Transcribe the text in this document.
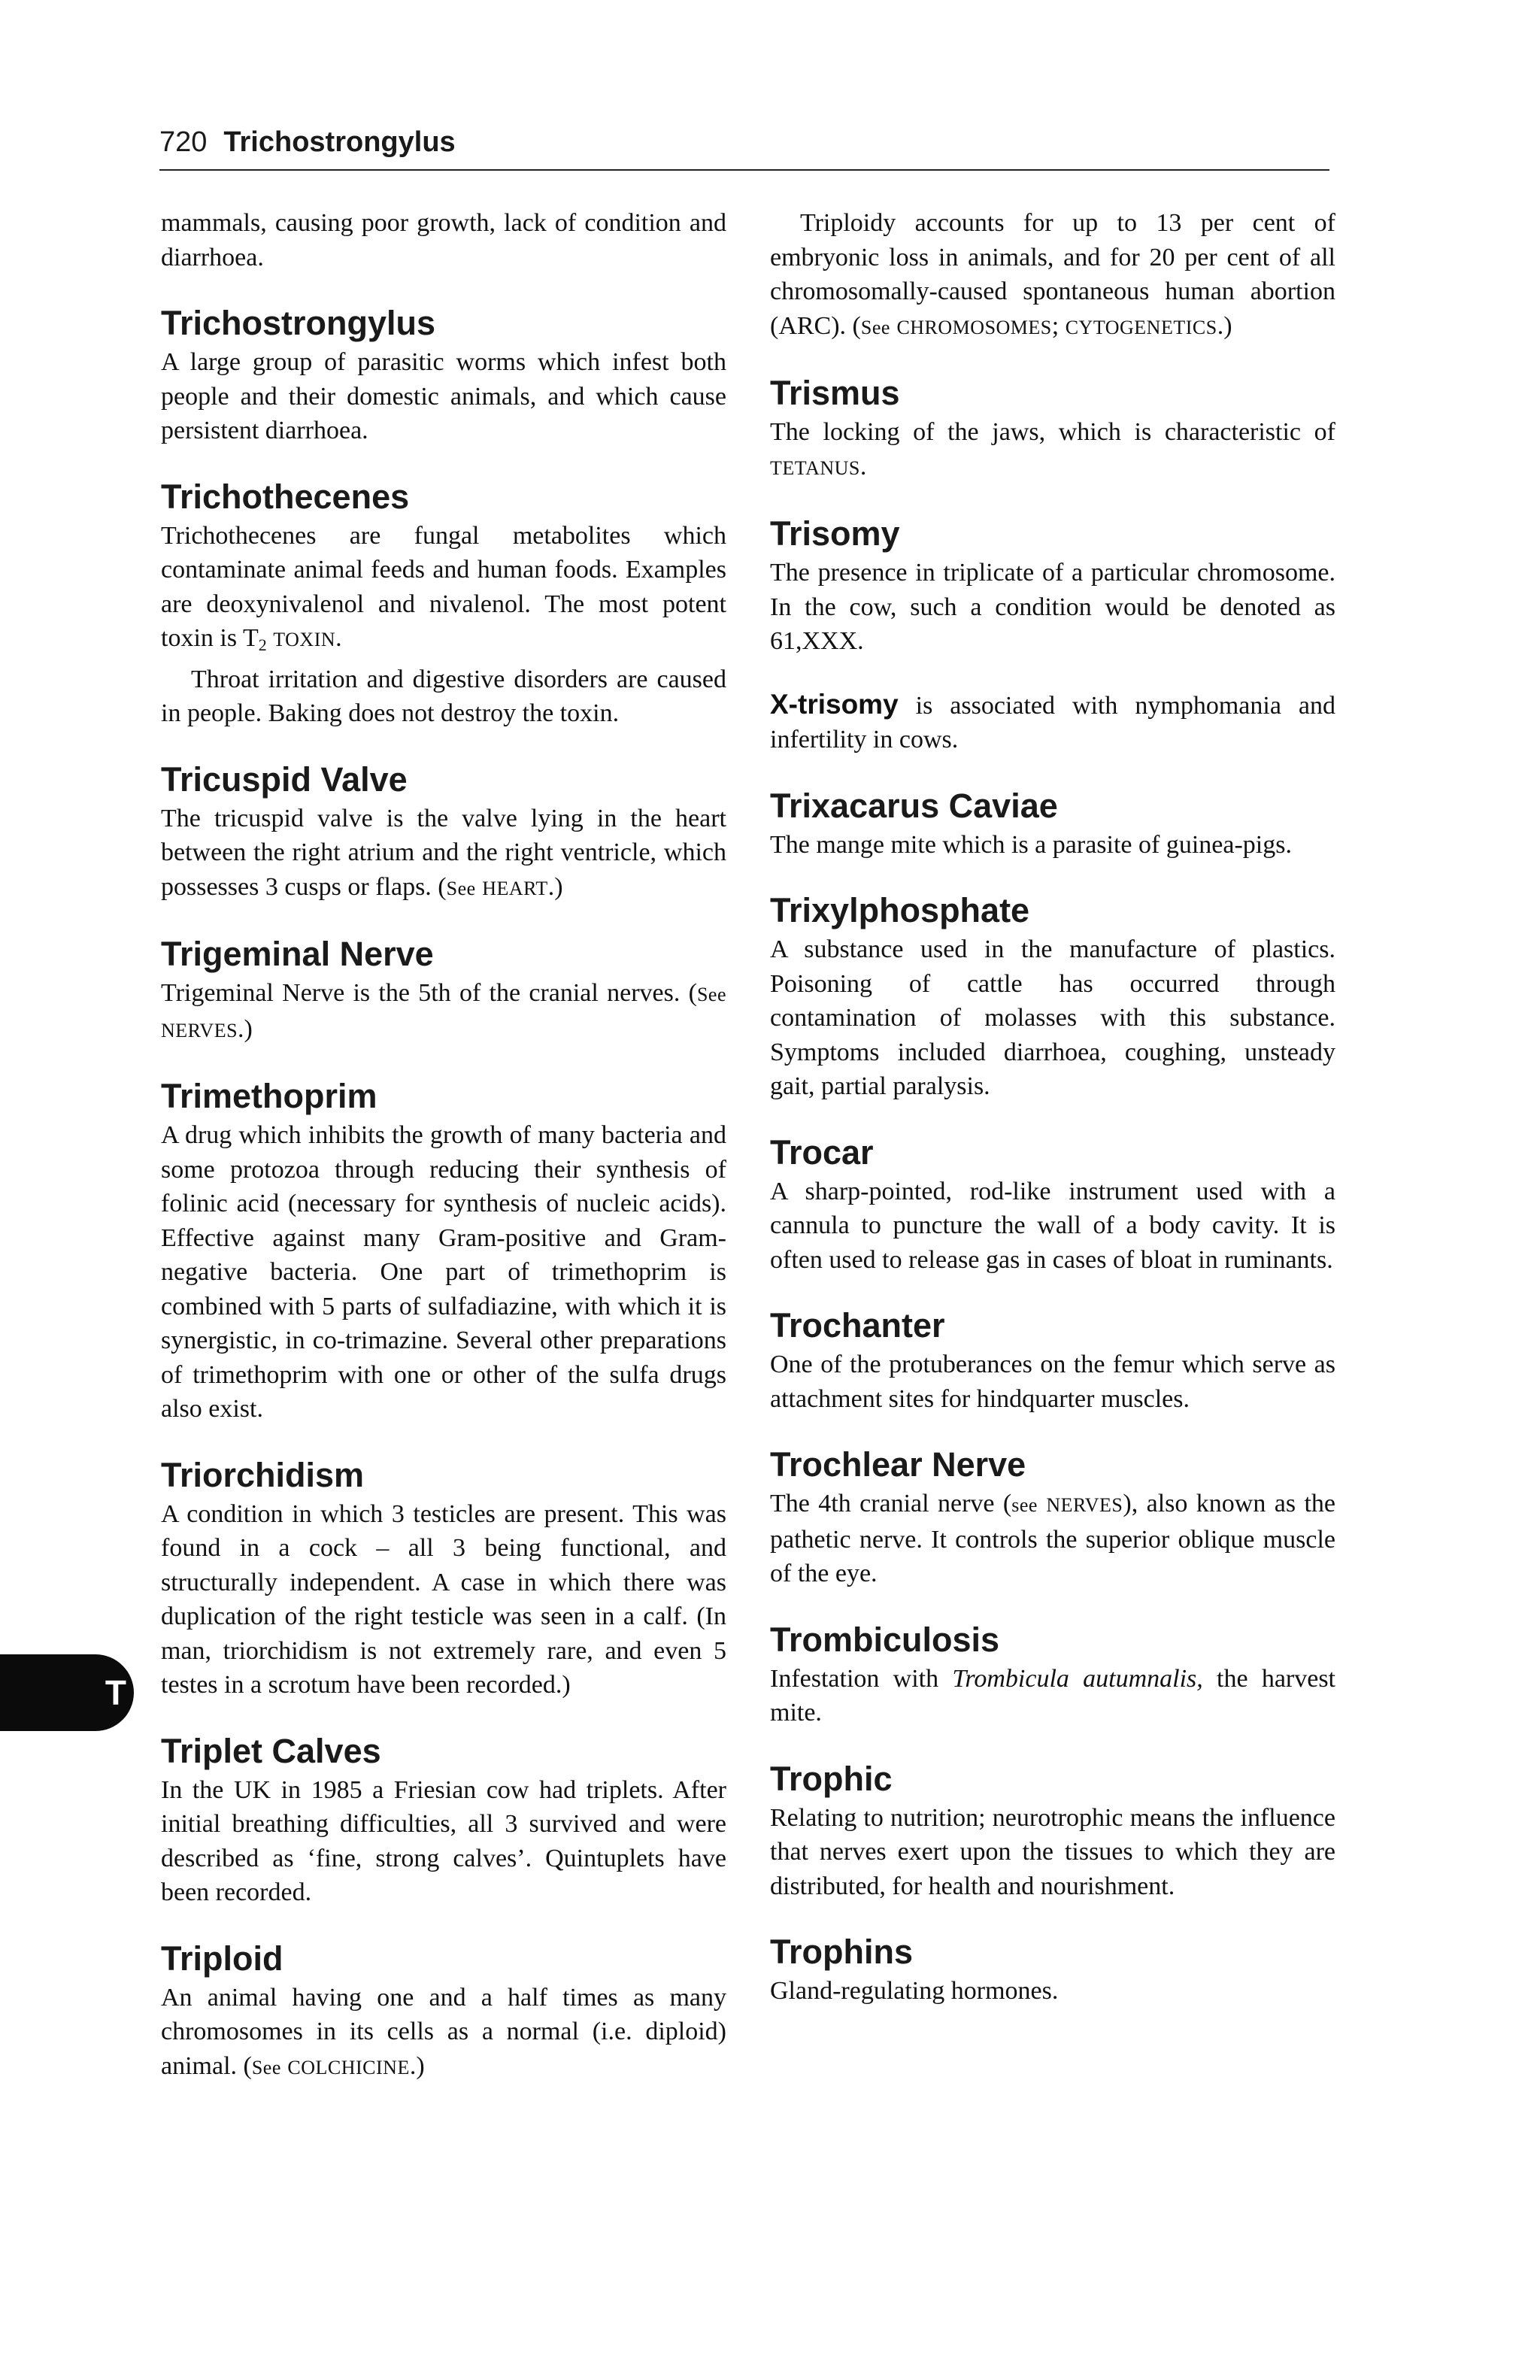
720 Trichostrongylus
T

mammals, causing poor growth, lack of condition and diarrhoea.

Trichostrongylus

A large group of parasitic worms which infest both people and their domestic animals, and which cause persistent diarrhoea.

Trichothecenes

Trichothecenes are fungal metabolites which contaminate animal feeds and human foods. Examples are deoxynivalenol and nivalenol. The most potent toxin is $T_2$ TOXIN.

Throat irritation and digestive disorders are caused in people. Baking does not destroy the toxin.

Tricuspid Valve

The tricuspid valve is the valve lying in the heart between the right atrium and the right ventricle, which possesses 3 cusps or flaps. (See HEART.)

Trigeminal Nerve

Trigeminal Nerve is the 5th of the cranial nerves. (See NERVES.)

Trimethoprim

A drug which inhibits the growth of many bacteria and some protozoa through reducing their synthesis of folinic acid (necessary for synthesis of nucleic acids). Effective against many Gram-positive and Gram-negative bacteria. One part of trimethoprim is combined with 5 parts of sulfadiazine, with which it is synergistic, in co-trimazine. Several other preparations of trimethoprim with one or other of the sulfa drugs also exist.

Triorchidism

A condition in which 3 testicles are present. This was found in a cock – all 3 being functional, and structurally independent. A case in which there was duplication of the right testicle was seen in a calf. (In man, triorchidism is not extremely rare, and even 5 testes in a scrotum have been recorded.)

Triplet Calves

In the UK in 1985 a Friesian cow had triplets. After initial breathing difficulties, all 3 survived and were described as ‘fine, strong calves’. Quintuplets have been recorded.

Triploid

An animal having one and a half times as many chromosomes in its cells as a normal (i.e. diploid) animal. (See COLCHICINE.)

Triploidy accounts for up to 13 per cent of embryonic loss in animals, and for 20 per cent of all chromosomally-caused spontaneous human abortion (ARC). (See CHROMOSOMES; CYTOGENETICS.)

Trismus

The locking of the jaws, which is characteristic of TETANUS.

Trisomy

The presence in triplicate of a particular chromosome. In the cow, such a condition would be denoted as 61,XXX.

X-trisomy is associated with nymphomania and infertility in cows.

Trixacarus Caviae

The mange mite which is a parasite of guinea-pigs.

Trixylphosphate

A substance used in the manufacture of plastics. Poisoning of cattle has occurred through contamination of molasses with this substance. Symptoms included diarrhoea, coughing, unsteady gait, partial paralysis.

Trocar

A sharp-pointed, rod-like instrument used with a cannula to puncture the wall of a body cavity. It is often used to release gas in cases of bloat in ruminants.

Trochanter

One of the protuberances on the femur which serve as attachment sites for hindquarter muscles.

Trochlear Nerve

The 4th cranial nerve (see NERVES), also known as the pathetic nerve. It controls the superior oblique muscle of the eye.

Trombiculosis

Infestation with Trombicula autumnalis, the harvest mite.

Trophic

Relating to nutrition; neurotrophic means the influence that nerves exert upon the tissues to which they are distributed, for health and nourishment.

Trophins

Gland-regulating hormones.
